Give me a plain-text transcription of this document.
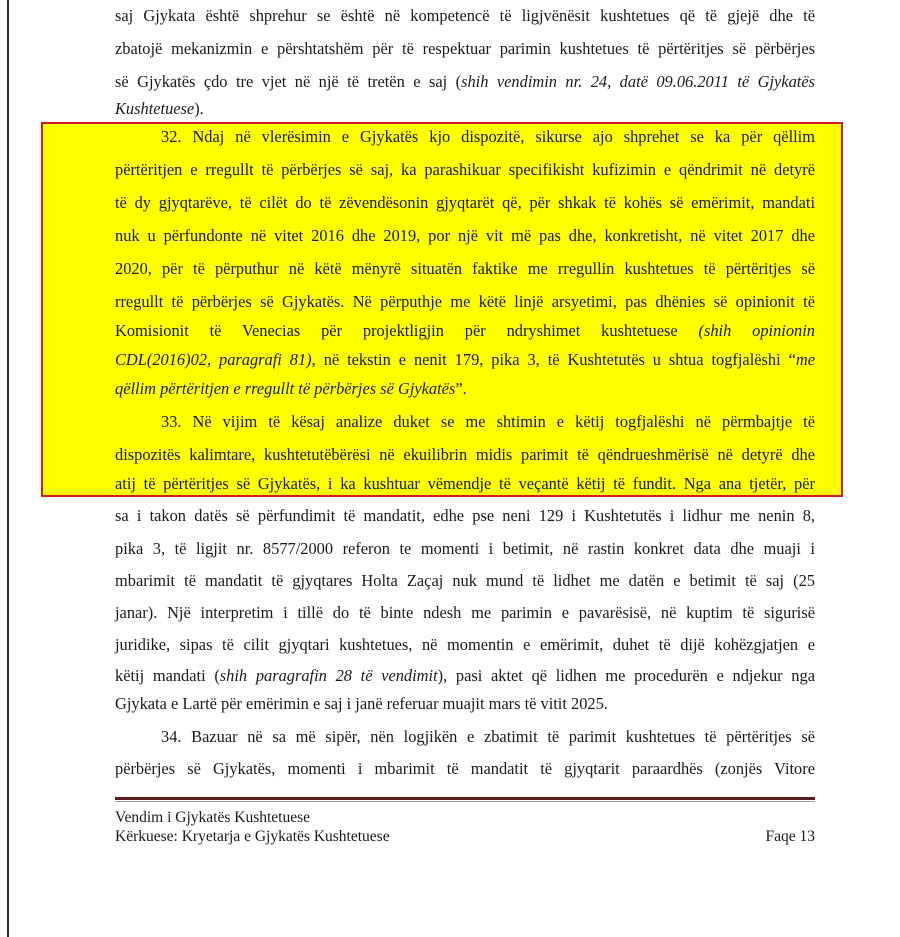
saj Gjykata është shprehur se është në kompetencë të ligjvënësit kushtetues që të gjejë dhe të
zbatojë mekanizmin e përshtatshëm për të respektuar parimin kushtetues të përtëritjes së përbërjes
së Gjykatës çdo tre vjet në një të tretën e saj (shih vendimin nr. 24, datë 09.06.2011 të Gjykatës
Kushtetuese).
32. Ndaj në vlerësimin e Gjykatës kjo dispozitë, sikurse ajo shprehet se ka për qëllim
përtëritjen e rregullt të përbërjes së saj, ka parashikuar specifikisht kufizimin e qëndrimit në detyrë
të dy gjyqtarëve, të cilët do të zëvendësonin gjyqtarët që, për shkak të kohës së emërimit, mandati
nuk u përfundonte në vitet 2016 dhe 2019, por një vit më pas dhe, konkretisht, në vitet 2017 dhe
2020, për të përputhur në këtë mënyrë situatën faktike me rregullin kushtetues të përtëritjes së
rregullt të përbërjes së Gjykatës. Në përputhje me këtë linjë arsyetimi, pas dhënies së opinionit të
Komisionit të Venecias për projektligjin për ndryshimet kushtetuese (shih opinionin
CDL(2016)02, paragrafi 81), në tekstin e nenit 179, pika 3, të Kushtetutës u shtua togfjalëshi “me
qëllim përtëritjen e rregullt të përbërjes së Gjykatës”.
33. Në vijim të kësaj analize duket se me shtimin e këtij togfjalëshi në përmbajtje të
dispozitës kalimtare, kushtetutëbërësi në ekuilibrin midis parimit të qëndrueshmërisë në detyrë dhe
atij të përtëritjes së Gjykatës, i ka kushtuar vëmendje të veçantë këtij të fundit. Nga ana tjetër, për
sa i takon datës së përfundimit të mandatit, edhe pse neni 129 i Kushtetutës i lidhur me nenin 8,
pika 3, të ligjit nr. 8577/2000 referon te momenti i betimit, në rastin konkret data dhe muaji i
mbarimit të mandatit të gjyqtares Holta Zaçaj nuk mund të lidhet me datën e betimit të saj (25
janar). Një interpretim i tillë do të binte ndesh me parimin e pavarësisë, në kuptim të sigurisë
juridike, sipas të cilit gjyqtari kushtetues, në momentin e emërimit, duhet të dijë kohëzgjatjen e
këtij mandati (shih paragrafin 28 të vendimit), pasi aktet që lidhen me procedurën e ndjekur nga
Gjykata e Lartë për emërimin e saj i janë referuar muajit mars të vitit 2025.
34. Bazuar në sa më sipër, nën logjikën e zbatimit të parimit kushtetues të përtëritjes së
përbërjes së Gjykatës, momenti i mbarimit të mandatit të gjyqtarit paraardhës (zonjës Vitore
Vendim i Gjykatës Kushtetuese
Kërkuese: Kryetarja e Gjykatës Kushtetuese	Faqe 13
